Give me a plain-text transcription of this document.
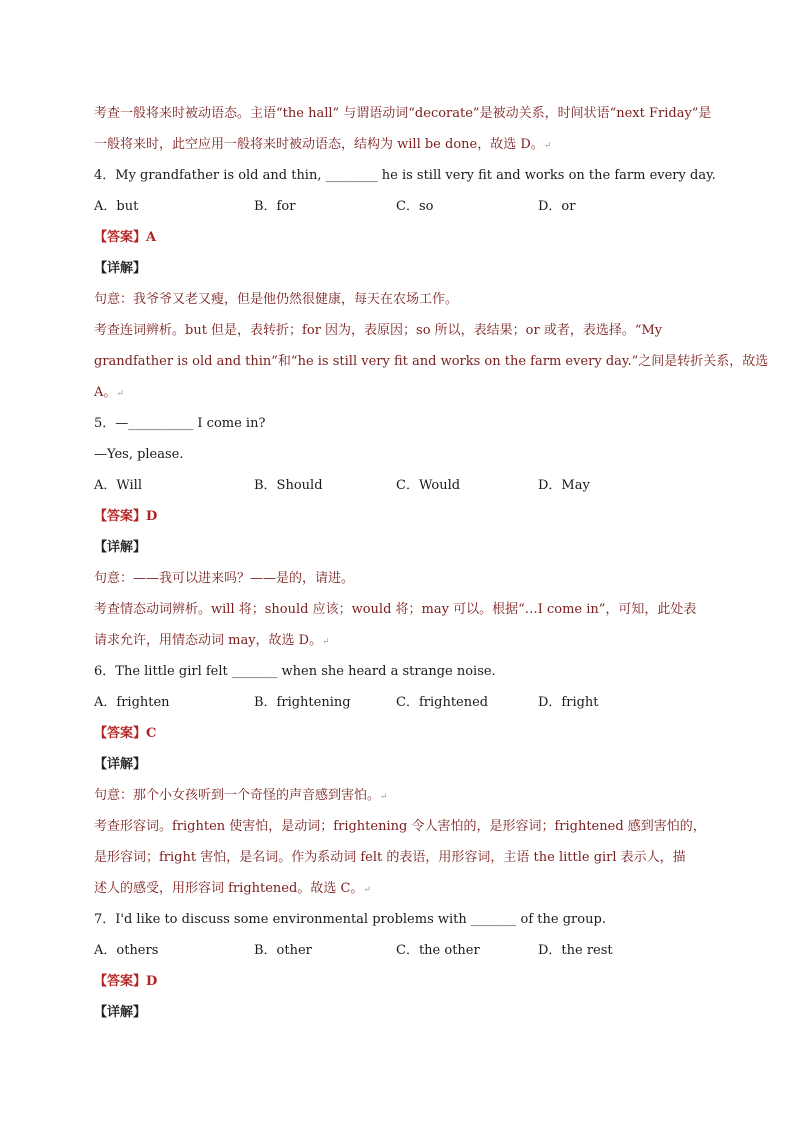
考查一般将来时被动语态。主语“the hall” 与谓语动词“decorate”是被动关系，时间状语“next Friday”是
一般将来时，此空应用一般将来时被动语态，结构为 will be done，故选 D。↵
4．My grandfather is old and thin, ________ he is still very fit and works on the farm every day.
A．but	B．for	C．so	D．or
【答案】A
【详解】
句意：我爷爷又老又瘦，但是他仍然很健康，每天在农场工作。
考查连词辨析。but 但是，表转折；for 因为，表原因；so 所以，表结果；or 或者，表选择。“My
grandfather is old and thin”和“he is still very fit and works on the farm every day.”之间是转折关系，故选
A。↵
5．—__________ I come in?
—Yes, please.
A．Will	B．Should	C．Would	D．May
【答案】D
【详解】
句意：——我可以进来吗？——是的，请进。
考查情态动词辨析。will 将；should 应该；would 将；may 可以。根据“…I come in”，可知，此处表
请求允许，用情态动词 may，故选 D。↵
6．The little girl felt _______ when she heard a strange noise.
A．frighten	B．frightening	C．frightened	D．fright
【答案】C
【详解】
句意：那个小女孩听到一个奇怪的声音感到害怕。↵
考查形容词。frighten 使害怕，是动词；frightening 令人害怕的，是形容词；frightened 感到害怕的，
是形容词；fright 害怕，是名词。作为系动词 felt 的表语，用形容词，主语 the little girl 表示人，描
述人的感受，用形容词 frightened。故选 C。↵
7．I'd like to discuss some environmental problems with _______ of the group.
A．others	B．other	C．the other	D．the rest
【答案】D
【详解】
